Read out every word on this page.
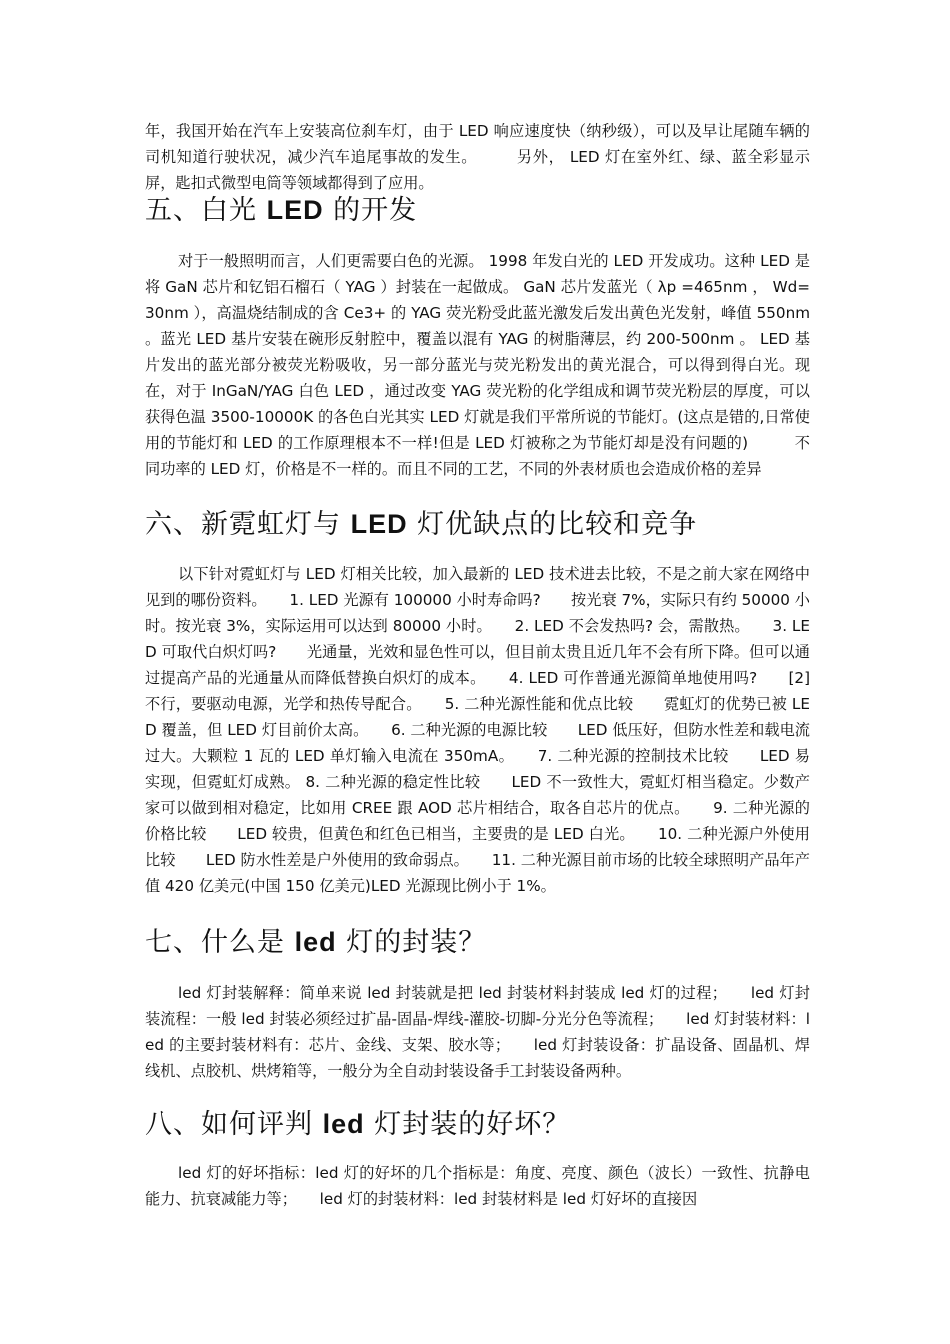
年，我国开始在汽车上安装高位刹车灯，由于 LED 响应速度快（纳秒级），可以及早让尾随车辆的司机知道行驶状况，减少汽车追尾事故的发生。　　　另外， LED 灯在室外红、绿、蓝全彩显示屏，匙扣式微型电筒等领域都得到了应用。

五、白光 LED 的开发

对于一般照明而言，人们更需要白色的光源。 1998 年发白光的 LED 开发成功。这种 LED 是将 GaN 芯片和钇铝石榴石（ YAG ）封装在一起做成。 GaN 芯片发蓝光（ λp =465nm ， Wd=30nm ），高温烧结制成的含 Ce3+ 的 YAG 荧光粉受此蓝光激发后发出黄色光发射，峰值 550nm 。蓝光 LED 基片安装在碗形反射腔中，覆盖以混有 YAG 的树脂薄层，约 200-500nm 。 LED 基片发出的蓝光部分被荧光粉吸收，另一部分蓝光与荧光粉发出的黄光混合，可以得到得白光。现在，对于 InGaN/YAG 白色 LED ，通过改变 YAG 荧光粉的化学组成和调节荧光粉层的厚度，可以获得色温 3500-10000K 的各色白光其实 LED 灯就是我们平常所说的节能灯。(这点是错的,日常使用的节能灯和 LED 的工作原理根本不一样!但是 LED 灯被称之为节能灯却是没有问题的)　　　不同功率的 LED 灯，价格是不一样的。而且不同的工艺，不同的外表材质也会造成价格的差异

六、新霓虹灯与 LED 灯优缺点的比较和竞争

以下针对霓虹灯与 LED 灯相关比较，加入最新的 LED 技术进去比较，不是之前大家在网络中见到的哪份资料。　　1. LED 光源有 100000 小时寿命吗?　　按光衰 7%，实际只有约 50000 小时。按光衰 3%，实际运用可以达到 80000 小时。　　2. LED 不会发热吗? 会，需散热。　　3. LED 可取代白炽灯吗?　　光通量，光效和显色性可以，但目前太贵且近几年不会有所下降。但可以通过提高产品的光通量从而降低替换白炽灯的成本。　　4. LED 可作普通光源简单地使用吗?　　[2]　不行，要驱动电源，光学和热传导配合。　　5. 二种光源性能和优点比较　　霓虹灯的优势已被 LED 覆盖，但 LED 灯目前价太高。　　6. 二种光源的电源比较　　LED 低压好，但防水性差和载电流过大。大颗粒 1 瓦的 LED 单灯输入电流在 350mA。　　7. 二种光源的控制技术比较　　LED 易实现，但霓虹灯成熟。 8. 二种光源的稳定性比较　　LED 不一致性大，霓虹灯相当稳定。少数产家可以做到相对稳定，比如用 CREE 跟 AOD 芯片相结合，取各自芯片的优点。　　9. 二种光源的价格比较　　LED 较贵，但黄色和红色已相当，主要贵的是 LED 白光。　　10. 二种光源户外使用比较　　LED 防水性差是户外使用的致命弱点。　　11. 二种光源目前市场的比较全球照明产品年产值 420 亿美元(中国 150 亿美元)LED 光源现比例小于 1%。

七、什么是 led 灯的封装？

led 灯封装解释：简单来说 led 封装就是把 led 封装材料封装成 led 灯的过程；　　led 灯封装流程：一般 led 封装必须经过扩晶-固晶-焊线-灌胶-切脚-分光分色等流程；　　led 灯封装材料：led 的主要封装材料有：芯片、金线、支架、胶水等；　　led 灯封装设备：扩晶设备、固晶机、焊线机、点胶机、烘烤箱等，一般分为全自动封装设备手工封装设备两种。

八、如何评判 led 灯封装的好坏？

led 灯的好坏指标：led 灯的好坏的几个指标是：角度、亮度、颜色（波长）一致性、抗静电能力、抗衰减能力等；　　led 灯的封装材料：led 封装材料是 led 灯好坏的直接因
